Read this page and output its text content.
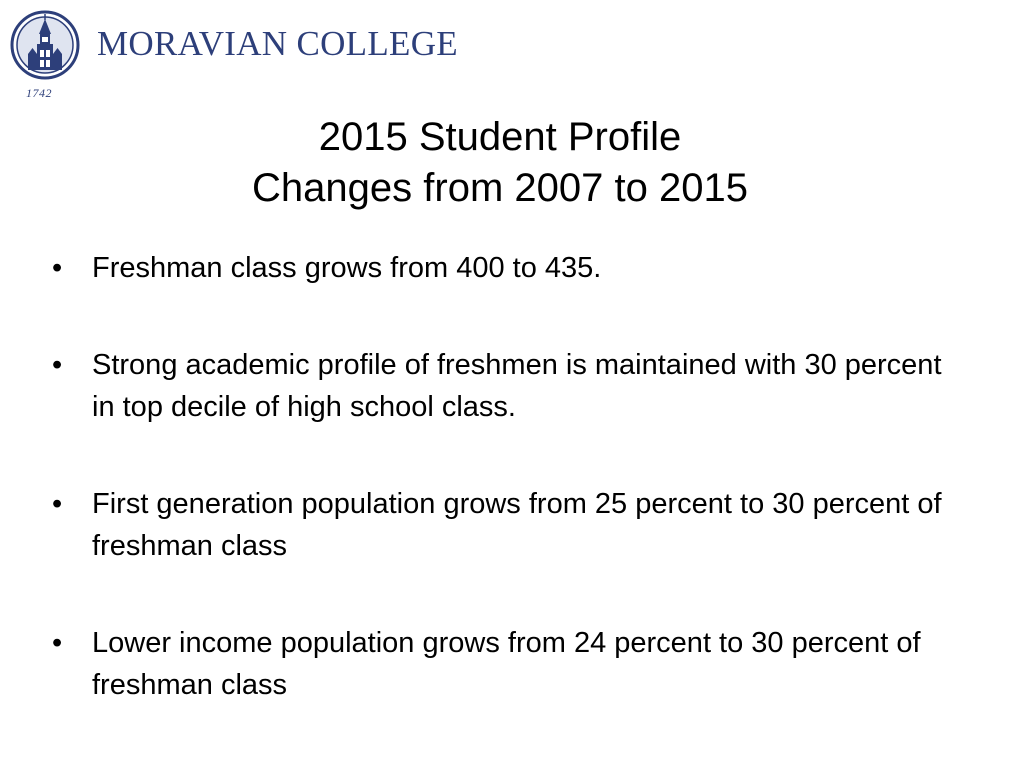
1742
MORAVIAN COLLEGE
2015 Student Profile
Changes from 2007 to 2015
•	Freshman class grows from 400 to 435.
•	Strong academic profile of freshmen is maintained with 30 percent in top decile of high school class.
•	First generation population grows from 25 percent to 30 percent of freshman class
•	Lower income population grows from 24 percent to 30 percent of freshman class
